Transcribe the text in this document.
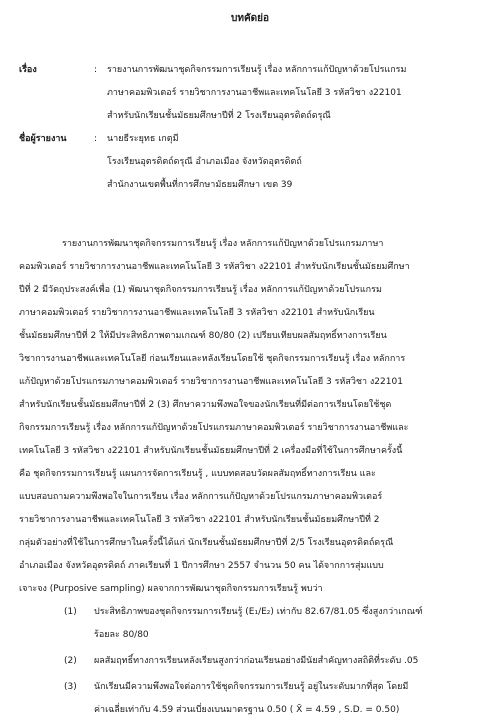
บทคัดย่อ
เรื่อง	: รายงานการพัฒนาชุดกิจกรรมการเรียนรู้ เรื่อง หลักการแก้ปัญหาด้วยโปรแกรม
ภาษาคอมพิวเตอร์ รายวิชาการงานอาชีพและเทคโนโลยี 3 รหัสวิชา ง22101
สำหรับนักเรียนชั้นมัธยมศึกษาปีที่ 2 โรงเรียนอุตรดิตถ์ดรุณี
ชื่อผู้รายงาน	: นายธีระยุทธ เกตุมี
โรงเรียนอุตรดิตถ์ดรุณี อำเภอเมือง จังหวัดอุตรดิตถ์
สำนักงานเขตพื้นที่การศึกษามัธยมศึกษา เขต 39
รายงานการพัฒนาชุดกิจกรรมการเรียนรู้ เรื่อง หลักการแก้ปัญหาด้วยโปรแกรมภาษา
คอมพิวเตอร์ รายวิชาการงานอาชีพและเทคโนโลยี 3 รหัสวิชา ง22101 สำหรับนักเรียนชั้นมัธยมศึกษา
ปีที่ 2 มีวัตถุประสงค์เพื่อ (1) พัฒนาชุดกิจกรรมการเรียนรู้ เรื่อง หลักการแก้ปัญหาด้วยโปรแกรม
ภาษาคอมพิวเตอร์ รายวิชาการงานอาชีพและเทคโนโลยี 3 รหัสวิชา ง22101 สำหรับนักเรียน
ชั้นมัธยมศึกษาปีที่ 2 ให้มีประสิทธิภาพตามเกณฑ์ 80/80 (2) เปรียบเทียบผลสัมฤทธิ์ทางการเรียน
วิชาการงานอาชีพและเทคโนโลยี ก่อนเรียนและหลังเรียนโดยใช้ ชุดกิจกรรมการเรียนรู้ เรื่อง หลักการ
แก้ปัญหาด้วยโปรแกรมภาษาคอมพิวเตอร์ รายวิชาการงานอาชีพและเทคโนโลยี 3 รหัสวิชา ง22101
สำหรับนักเรียนชั้นมัธยมศึกษาปีที่ 2 (3) ศึกษาความพึงพอใจของนักเรียนที่มีต่อการเรียนโดยใช้ชุด
กิจกรรมการเรียนรู้ เรื่อง หลักการแก้ปัญหาด้วยโปรแกรมภาษาคอมพิวเตอร์ รายวิชาการงานอาชีพและ
เทคโนโลยี 3 รหัสวิชา ง22101 สำหรับนักเรียนชั้นมัธยมศึกษาปีที่ 2 เครื่องมือที่ใช้ในการศึกษาครั้งนี้
คือ ชุดกิจกรรมการเรียนรู้ แผนการจัดการเรียนรู้ , แบบทดสอบวัดผลสัมฤทธิ์ทางการเรียน และ
แบบสอบถามความพึงพอใจในการเรียน เรื่อง หลักการแก้ปัญหาด้วยโปรแกรมภาษาคอมพิวเตอร์
รายวิชาการงานอาชีพและเทคโนโลยี 3 รหัสวิชา ง22101 สำหรับนักเรียนชั้นมัธยมศึกษาปีที่ 2
กลุ่มตัวอย่างที่ใช้ในการศึกษาในครั้งนี้ได้แก่ นักเรียนชั้นมัธยมศึกษาปีที่ 2/5 โรงเรียนอุตรดิตถ์ดรุณี
อำเภอเมือง จังหวัดอุตรดิตถ์ ภาคเรียนที่ 1 ปีการศึกษา 2557 จำนวน 50 คน ได้จากการสุ่มแบบ
เจาะจง (Purposive sampling) ผลจากการพัฒนาชุดกิจกรรมการเรียนรู้ พบว่า
(1) ประสิทธิภาพของชุดกิจกรรมการเรียนรู้ (E₁/E₂) เท่ากับ 82.67/81.05 ซึ่งสูงกว่าเกณฑ์
ร้อยละ 80/80
(2) ผลสัมฤทธิ์ทางการเรียนหลังเรียนสูงกว่าก่อนเรียนอย่างมีนัยสำคัญทางสถิติที่ระดับ .05
(3) นักเรียนมีความพึงพอใจต่อการใช้ชุดกิจกรรมการเรียนรู้ อยู่ในระดับมากที่สุด โดยมี
ค่าเฉลี่ยเท่ากับ 4.59 ส่วนเบี่ยงเบนมาตรฐาน 0.50 ( X̄ = 4.59 , S.D. = 0.50)
